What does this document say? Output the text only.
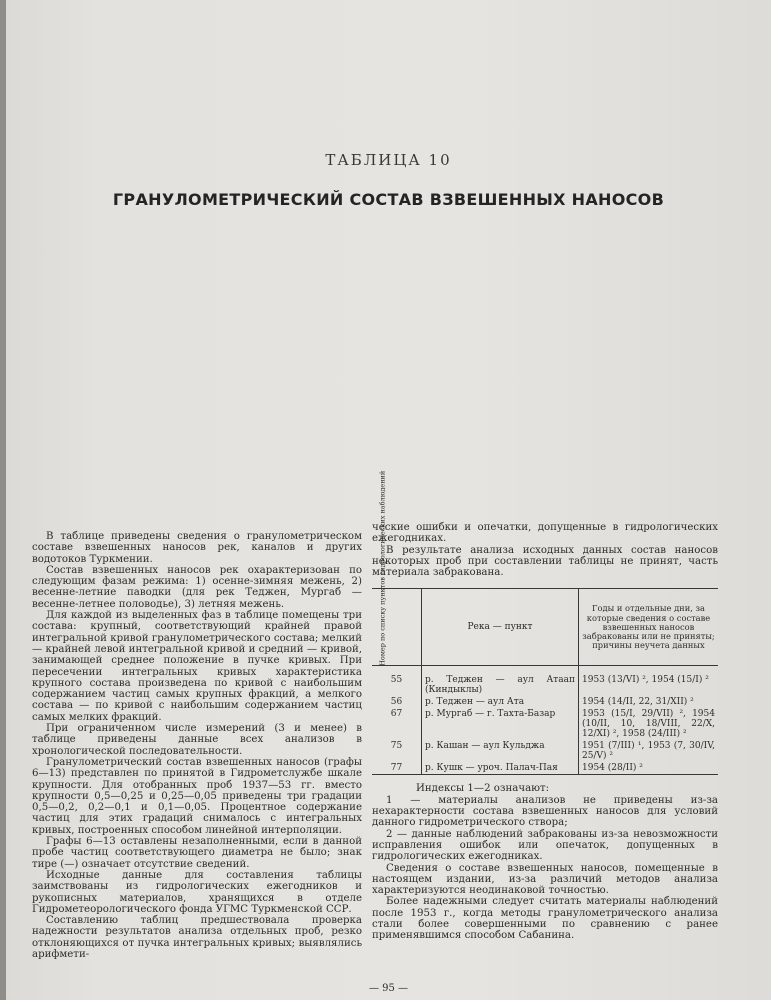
ТАБЛИЦА 10
ГРАНУЛОМЕТРИЧЕСКИЙ СОСТАВ ВЗВЕШЕННЫХ НАНОСОВ

В таблице приведены сведения о гранулометрическом составе взвешенных наносов рек, каналов и других водотоков Туркмении.

Состав взвешенных наносов рек охарактеризован по следующим фазам режима: 1) осенне-зимняя межень, 2) весенне-летние паводки (для рек Теджен, Мургаб — весенне-летнее половодье), 3) летняя межень.

Для каждой из выделенных фаз в таблице помещены три состава: крупный, соответствующий крайней правой интегральной кривой гранулометрического состава; мелкий — крайней левой интегральной кривой и средний — кривой, занимающей среднее положение в пучке кривых. При пересечении интегральных кривых характеристика крупного состава произведена по кривой с наибольшим содержанием частиц самых крупных фракций, а мелкого состава — по кривой с наибольшим содержанием частиц самых мелких фракций.

При ограниченном числе измерений (3 и менее) в таблице приведены данные всех анализов в хронологической последовательности.

Гранулометрический состав взвешенных наносов (графы 6—13) представлен по принятой в Гидрометслужбе шкале крупности. Для отобранных проб 1937—53 гг. вместо крупности 0,5—0,25 и 0,25—0,05 приведены три градации 0,5—0,2, 0,2—0,1 и 0,1—0,05. Процентное содержание частиц для этих градаций снималось с интегральных кривых, построенных способом линейной интерполяции.

Графы 6—13 оставлены незаполненными, если в данной пробе частиц соответствующего диаметра не было; знак тире (—) означает отсутствие сведений.

Исходные данные для составления таблицы заимствованы из гидрологических ежегодников и рукописных материалов, хранящихся в отделе Гидрометеорологического фонда УГМС Туркменской ССР.

Составлению таблиц предшествовала проверка надежности результатов анализа отдельных проб, резко отклоняющихся от пучка интегральных кривых; выявлялись арифмети-

ческие ошибки и опечатки, допущенные в гидрологических ежегодниках.

В результате анализа исходных данных состав наносов некоторых проб при составлении таблицы не принят, часть материала забракована.

Номер по списку пунктов гидрологических наблюдений	Река — пункт	Годы и отдельные дни, за которые сведения о составе взвешенных наносов забракованы или не приняты; причины неучета данных
55	р. Теджен — аул Атаап (Киндыклы)	1953 (13/VI) ², 1954 (15/I) ²
56	р. Теджен — аул Ата	1954 (14/II, 22, 31/XII) ²
67	р. Мургаб — г. Тахта-Базар	1953 (15/I, 29/VII) ², 1954 (10/II, 10, 18/VIII, 22/X, 12/XI) ², 1958 (24/III) ²
75	р. Кашан — аул Кульджа	1951 (7/III) ¹, 1953 (7, 30/IV, 25/V) ²
77	р. Кушк — уроч. Палач-Пая	1954 (28/II) ²

Индексы 1—2 означают:

1 — материалы анализов не приведены из-за нехарактерности состава взвешенных наносов для условий данного гидрометрического створа;

2 — данные наблюдений забракованы из-за невозможности исправления ошибок или опечаток, допущенных в гидрологических ежегодниках.

Сведения о составе взвешенных наносов, помещенные в настоящем издании, из-за различий методов анализа характеризуются неодинаковой точностью.

Более надежными следует считать материалы наблюдений после 1953 г., когда методы гранулометрического анализа стали более совершенными по сравнению с ранее применявшимся способом Сабанина.

— 95 —
